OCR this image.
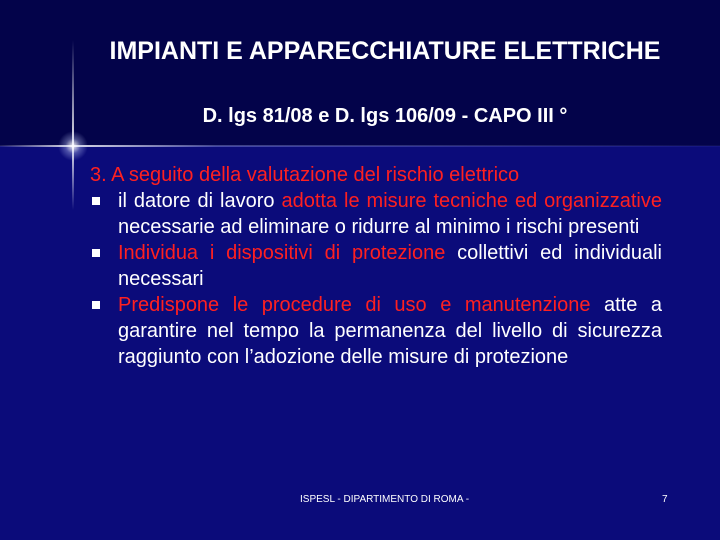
IMPIANTI E APPARECCHIATURE ELETTRICHE
D. lgs 81/08 e D. lgs 106/09 - CAPO III °
3. A seguito della valutazione del rischio elettrico
il datore di lavoro adotta le misure tecniche ed organizzative necessarie ad eliminare o ridurre al minimo i rischi presenti
Individua i dispositivi di protezione collettivi ed individuali necessari
Predispone le procedure di uso e manutenzione atte a garantire nel tempo la permanenza del livello di sicurezza raggiunto con l’adozione delle misure di protezione
ISPESL - DIPARTIMENTO DI ROMA -	7
